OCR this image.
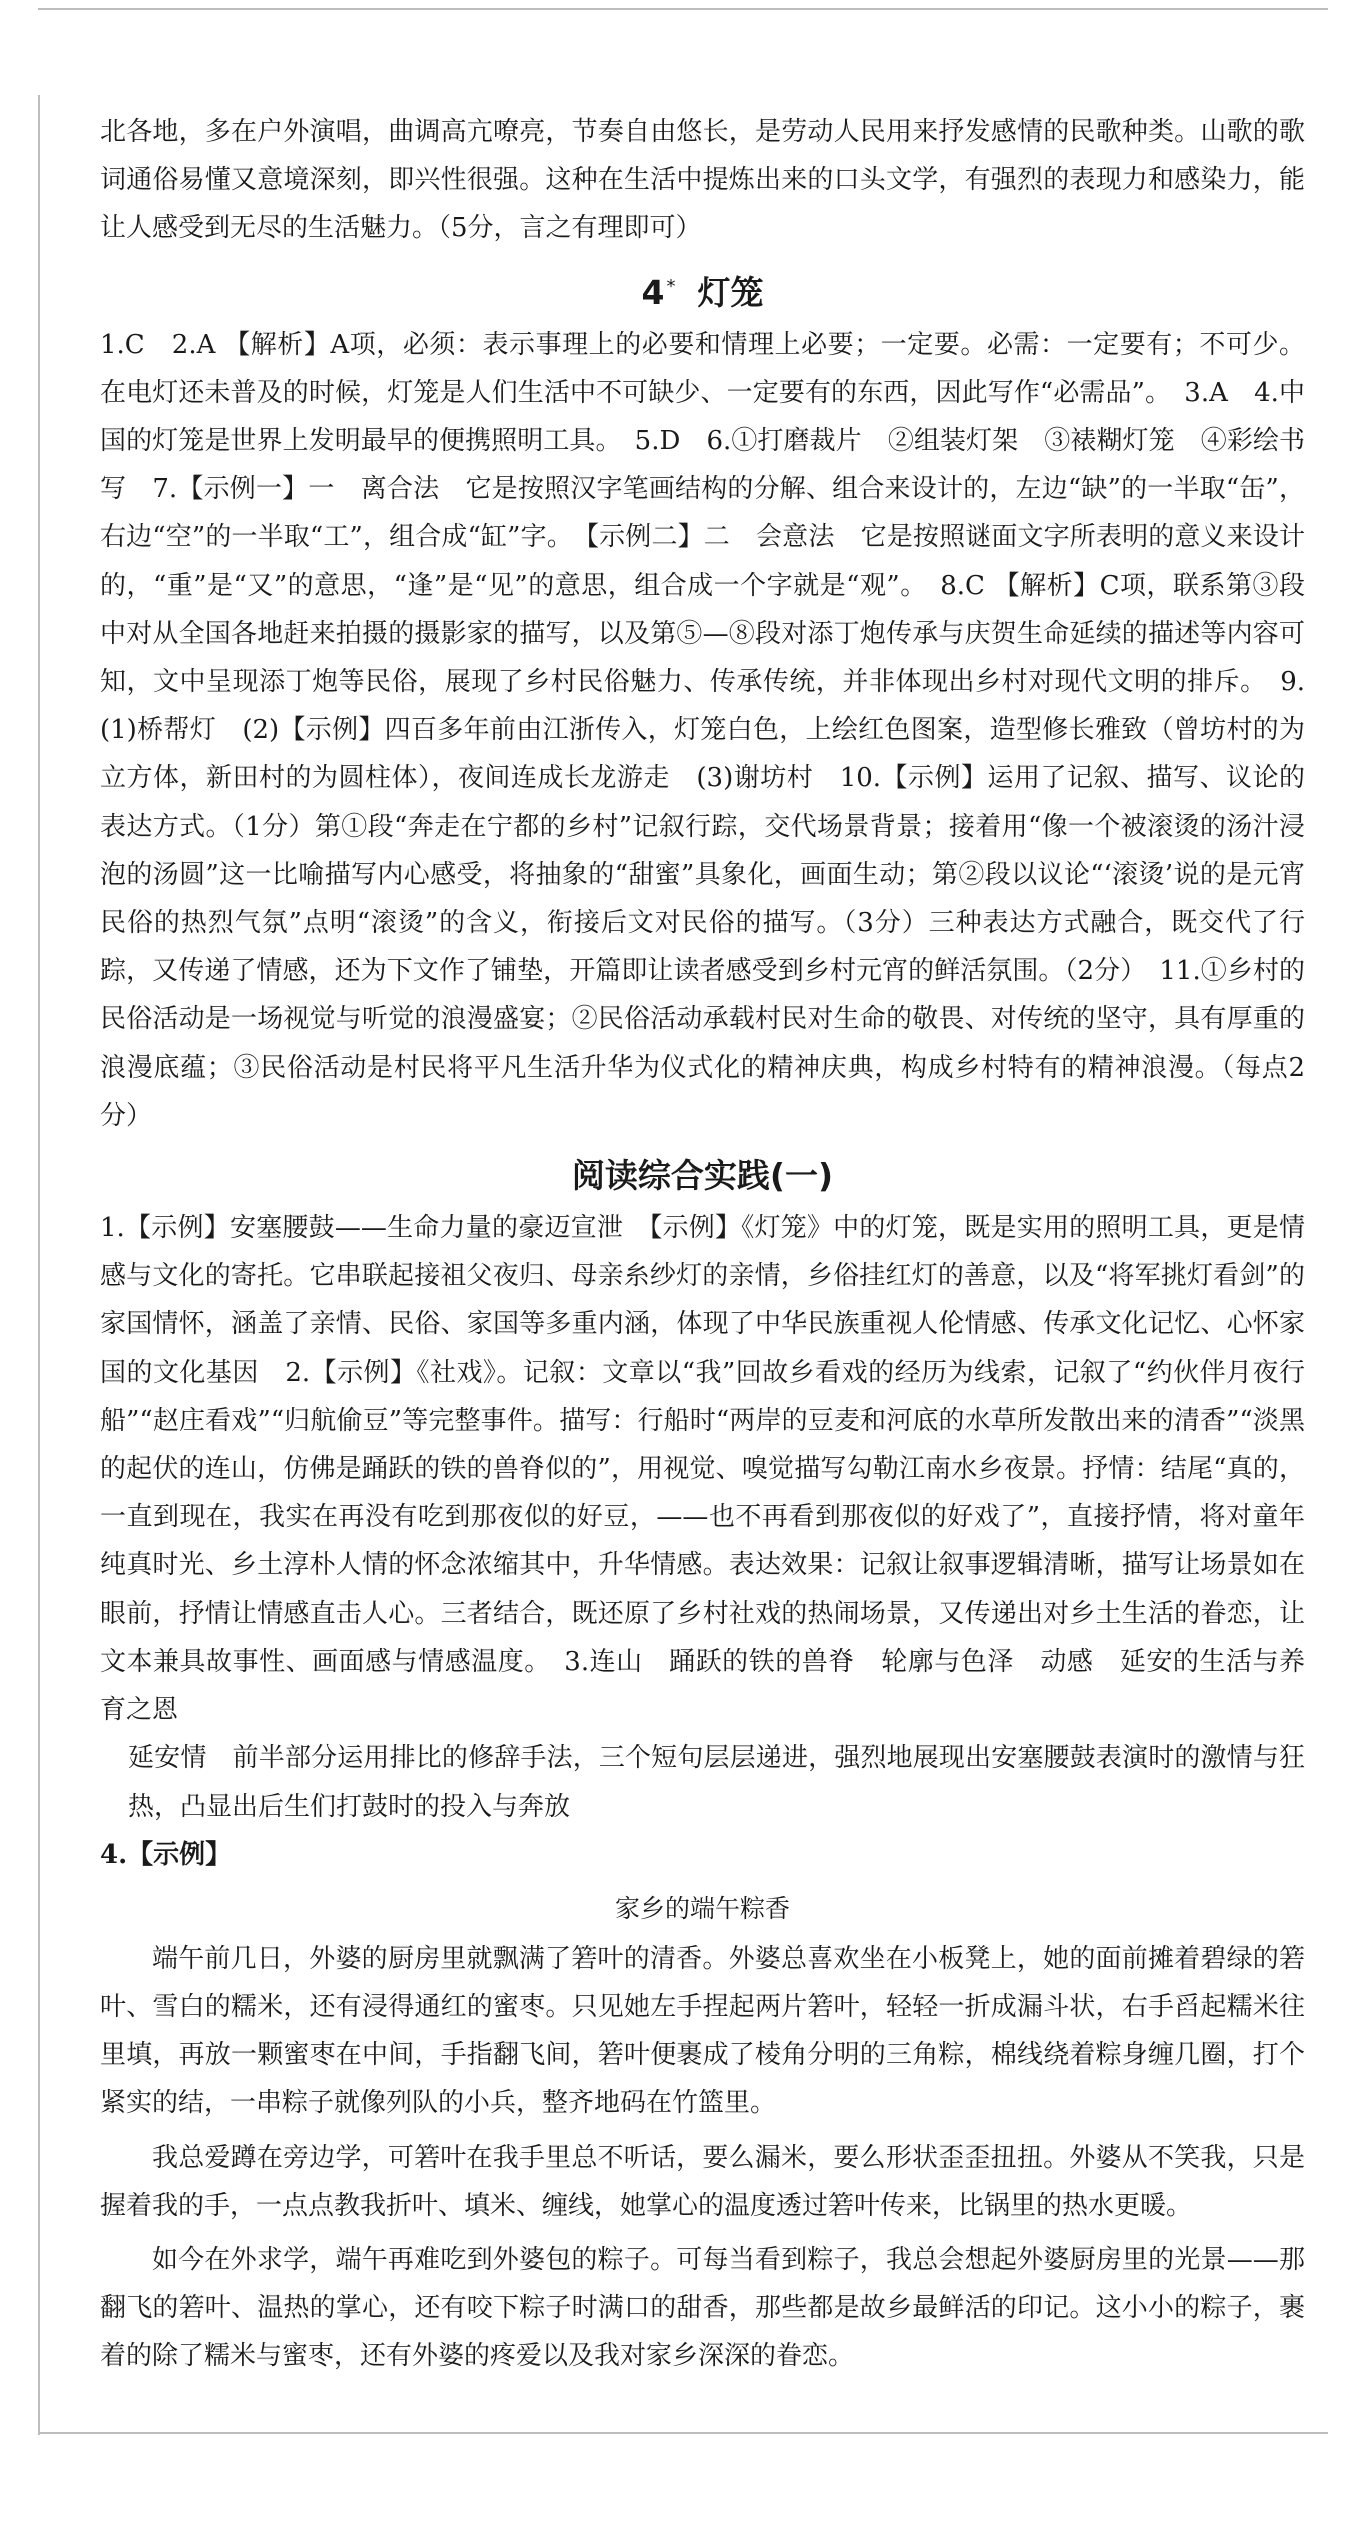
北各地，多在户外演唱，曲调高亢嘹亮，节奏自由悠长，是劳动人民用来抒发感情的民歌种类。山歌的歌词通俗易懂又意境深刻，即兴性很强。这种在生活中提炼出来的口头文学，有强烈的表现力和感染力，能让人感受到无尽的生活魅力。（5分，言之有理即可）

4 * 灯笼

1.C　2.A 【解析】A项，必须：表示事理上的必要和情理上必要；一定要。必需：一定要有；不可少。在电灯还未普及的时候，灯笼是人们生活中不可缺少、一定要有的东西，因此写作“必需品”。　3.A　4.中国的灯笼是世界上发明最早的便携照明工具。　5.D　6.①打磨裁片　②组装灯架　③裱糊灯笼　④彩绘书写　7.【示例一】一　离合法　它是按照汉字笔画结构的分解、组合来设计的，左边“缺”的一半取“缶”，右边“空”的一半取“工”，组合成“缸”字。　【示例二】二　会意法　它是按照谜面文字所表明的意义来设计的，“重”是“又”的意思，“逢”是“见”的意思，组合成一个字就是“观”。　8.C 【解析】C项，联系第③段中对从全国各地赶来拍摄的摄影家的描写，以及第⑤—⑧段对添丁炮传承与庆贺生命延续的描述等内容可知，文中呈现添丁炮等民俗，展现了乡村民俗魅力、传承传统，并非体现出乡村对现代文明的排斥。　9.(1)桥帮灯　(2)【示例】四百多年前由江浙传入，灯笼白色，上绘红色图案，造型修长雅致（曾坊村的为立方体，新田村的为圆柱体），夜间连成长龙游走　(3)谢坊村　10.【示例】运用了记叙、描写、议论的表达方式。（1分）第①段“奔走在宁都的乡村”记叙行踪，交代场景背景；接着用“像一个被滚烫的汤汁浸泡的汤圆”这一比喻描写内心感受，将抽象的“甜蜜”具象化，画面生动；第②段以议论“‘滚烫’说的是元宵民俗的热烈气氛”点明“滚烫”的含义，衔接后文对民俗的描写。（3分）三种表达方式融合，既交代了行踪，又传递了情感，还为下文作了铺垫，开篇即让读者感受到乡村元宵的鲜活氛围。（2分）　11.①乡村的民俗活动是一场视觉与听觉的浪漫盛宴；②民俗活动承载村民对生命的敬畏、对传统的坚守，具有厚重的浪漫底蕴；③民俗活动是村民将平凡生活升华为仪式化的精神庆典，构成乡村特有的精神浪漫。（每点2分）

阅读综合实践(一)

1.【示例】安塞腰鼓——生命力量的豪迈宣泄　【示例】《灯笼》中的灯笼，既是实用的照明工具，更是情感与文化的寄托。它串联起接祖父夜归、母亲糸纱灯的亲情，乡俗挂红灯的善意，以及“将军挑灯看剑”的家国情怀，涵盖了亲情、民俗、家国等多重内涵，体现了中华民族重视人伦情感、传承文化记忆、心怀家国的文化基因　2.【示例】《社戏》。记叙：文章以“我”回故乡看戏的经历为线索，记叙了“约伙伴月夜行船”“赵庄看戏”“归航偷豆”等完整事件。描写：行船时“两岸的豆麦和河底的水草所发散出来的清香”“淡黑的起伏的连山，仿佛是踊跃的铁的兽脊似的”，用视觉、嗅觉描写勾勒江南水乡夜景。抒情：结尾“真的，一直到现在，我实在再没有吃到那夜似的好豆，——也不再看到那夜似的好戏了”，直接抒情，将对童年纯真时光、乡土淳朴人情的怀念浓缩其中，升华情感。表达效果：记叙让叙事逻辑清晰，描写让场景如在眼前，抒情让情感直击人心。三者结合，既还原了乡村社戏的热闹场景，又传递出对乡土生活的眷恋，让文本兼具故事性、画面感与情感温度。　3.连山　踊跃的铁的兽脊　轮廓与色泽　动感　延安的生活与养育之恩

延安情　前半部分运用排比的修辞手法，三个短句层层递进，强烈地展现出安塞腰鼓表演时的激情与狂热，凸显出后生们打鼓时的投入与奔放

4.【示例】

家乡的端午粽香

端午前几日，外婆的厨房里就飘满了箬叶的清香。外婆总喜欢坐在小板凳上，她的面前摊着碧绿的箬叶、雪白的糯米，还有浸得通红的蜜枣。只见她左手捏起两片箬叶，轻轻一折成漏斗状，右手舀起糯米往里填，再放一颗蜜枣在中间，手指翻飞间，箬叶便裹成了棱角分明的三角粽，棉线绕着粽身缠几圈，打个紧实的结，一串粽子就像列队的小兵，整齐地码在竹篮里。

我总爱蹲在旁边学，可箬叶在我手里总不听话，要么漏米，要么形状歪歪扭扭。外婆从不笑我，只是握着我的手，一点点教我折叶、填米、缠线，她掌心的温度透过箬叶传来，比锅里的热水更暖。

如今在外求学，端午再难吃到外婆包的粽子。可每当看到粽子，我总会想起外婆厨房里的光景——那翻飞的箬叶、温热的掌心，还有咬下粽子时满口的甜香，那些都是故乡最鲜活的印记。这小小的粽子，裹着的除了糯米与蜜枣，还有外婆的疼爱以及我对家乡深深的眷恋。
